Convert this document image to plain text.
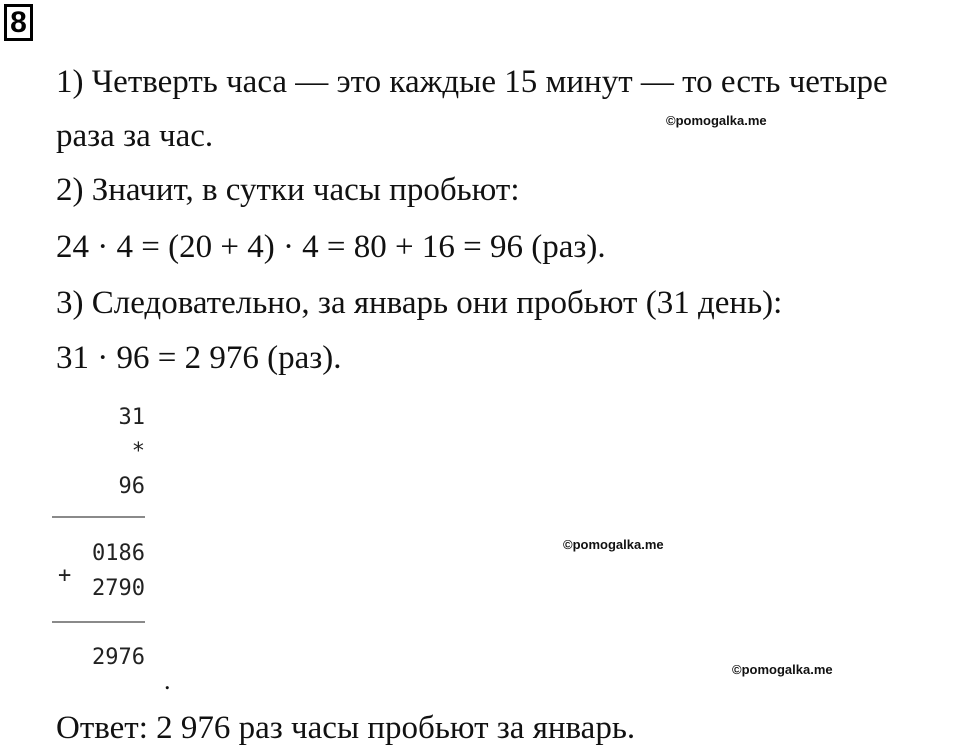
8
1) Четверть часа — это каждые 15 минут — то есть четыре
раза за час.
2) Значит, в сутки часы пробьют:
24 · 4 = (20 + 4) · 4 = 80 + 16 = 96 (раз).
3) Следовательно, за январь они пробьют (31 день):
31 · 96 = 2 976 (раз).
31
*
96
0186
+
2790
2976
.
Ответ: 2 976 раз часы пробьют за январь.
©pomogalka.me
©pomogalka.me
©pomogalka.me
